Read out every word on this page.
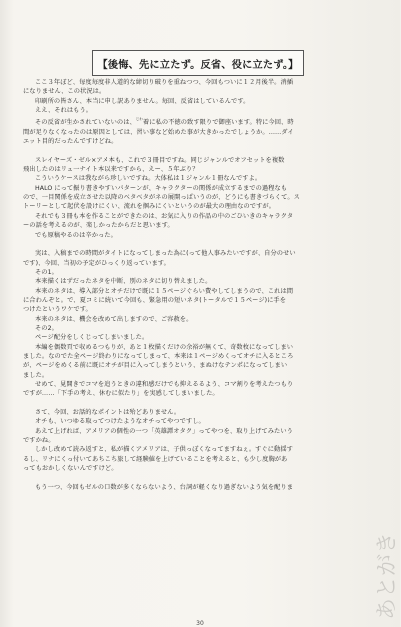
【後悔、先に立たず。反省、役に立たず。】

ここ３年ぼど、毎度毎度非人道的な締切り破りを重ねつつ、今回もついに１２月後半。消插

になりません、この状況は。

印刷所の皆さん、本当に申し訳ありません。毎回、反省はしているんです。

ええ、それはもう。

その反省が生かされていないのは、$^{じわ}$着に私の不徳の致す限りで御座います。特に今回、時

間が足りなくなったのは原因としては、習い事など始めた事が大きかったでしょうか。……ダイ

エット目的だったんですけどね。

スレイヤーズ・ゼル×アメ本も、これで３冊目ですね。同じジャンルでオフセットを複数

飛出したのはリュ一ナイト本以来ですから、えー、５年ぶり？

こういうケースは我ながら珍しいですね。大体私は１ジャンル１冊なんですよ。

HALO にって振り書きやすいパターンが、キャラクターの関係が成立するまでの過程なも

ので、一目関係を成立させた以降のベタベタがネの展開っぱいうのが、どうにも書きづらくて。ス

トーリーとして起伏を設けにくい、流れを掴みにくいというのが最大の理由なのですが。

それでも３冊も本を作ることができたのは、お気に入りの作品の中のごひいきのキャラクタ

ーの話を考えるのが、楽しかったからだと思います。

でも原稿やるのは辛かった。

実は、入稿までの時間がタイトになってしまった為に(って他人事みたいですが、自分のせい

です)、今回、当初の予定がひっくり返っています。

その1。

本来描くはずだったネタを中断、別のネタに切り替えました。

本来のネタは、導入部分とオチだけで既に１５ページぐらい費やしてしまうので、これは間

に合わんぞと。で、夏コミに続いて今回も、緊急用の短いネタ(トータルで１５ページ)に手を

つけたというワケです。

本来のネタは、機会を改めて出しますので、ご容赦を。

その2。

ページ配分をしくじってしまいました。

本編を偶数頁で収めるつもりが、あと１枚描くだけの余裕が無くて、奇数枚になってしまい

ました。なのでた全ページ終わりになってしまって、本来は１ページめくってオチに入るところ

が、ページをめくる前に既にオチが目に入ってしまうという、まぬけなテンポになってしまい

ました。

せめて、見開きでコマを追うときの違和感だけでも抑えるるよう、コマ割りを考えたつもり

ですが……「下手の考え、休むに似たり」を実感してしまいました。

さて、今回、お話的なポイントは殆どありません。

オチも、いつゆる取ってつけたようなオチってやつですし。

あえて上げれば、アメリアの個性の一つ「英雄譚オタク」ってやつを、取り上げてみたいう

ですかね。

しかし改めて読み返すと、私が描くアメリアは、子供っぽくなってますねぇ。すぐに動揺す

るし、リナにくっ付いてあちこち旅して経験値を上げていることを考えると、も少し度胸があ

ってもおかしくないんですけど。

もう一つ、今回もゼルの口数が多くならないよう、台詞が軽くなり過ぎないよう気を配りま

あとがき
30
